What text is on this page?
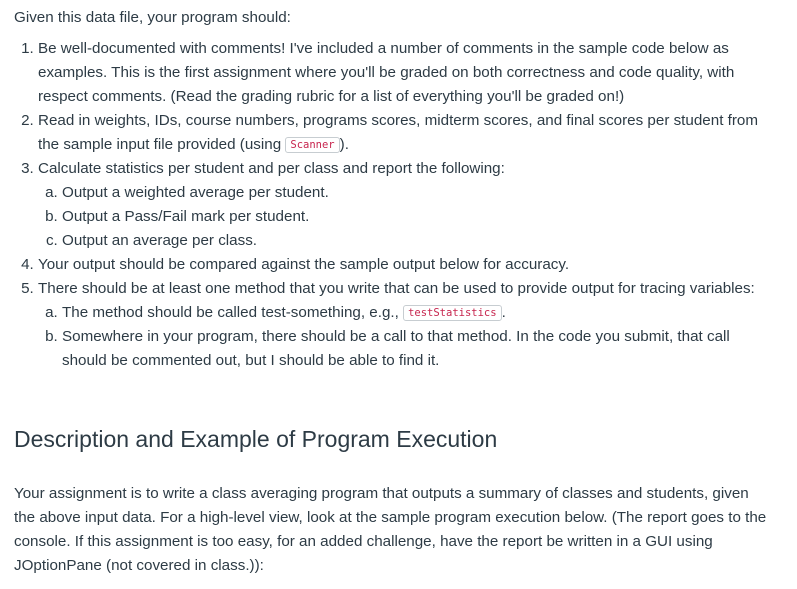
Given this data file, your program should:

1. Be well-documented with comments! I've included a number of comments in the sample code below as examples. This is the first assignment where you'll be graded on both correctness and code quality, with respect comments. (Read the grading rubric for a list of everything you'll be graded on!)
2. Read in weights, IDs, course numbers, programs scores, midterm scores, and final scores per student from the sample input file provided (using Scanner ).
3. Calculate statistics per student and per class and report the following:
a. Output a weighted average per student.
b. Output a Pass/Fail mark per student.
c. Output an average per class.
4. Your output should be compared against the sample output below for accuracy.
5. There should be at least one method that you write that can be used to provide output for tracing variables:
a. The method should be called test-something, e.g., testStatistics .
b. Somewhere in your program, there should be a call to that method. In the code you submit, that call should be commented out, but I should be able to find it.
Description and Example of Program Execution

Your assignment is to write a class averaging program that outputs a summary of classes and students, given the above input data. For a high-level view, look at the sample program execution below. (The report goes to the console. If this assignment is too easy, for an added challenge, have the report be written in a GUI using JOptionPane (not covered in class.)):
